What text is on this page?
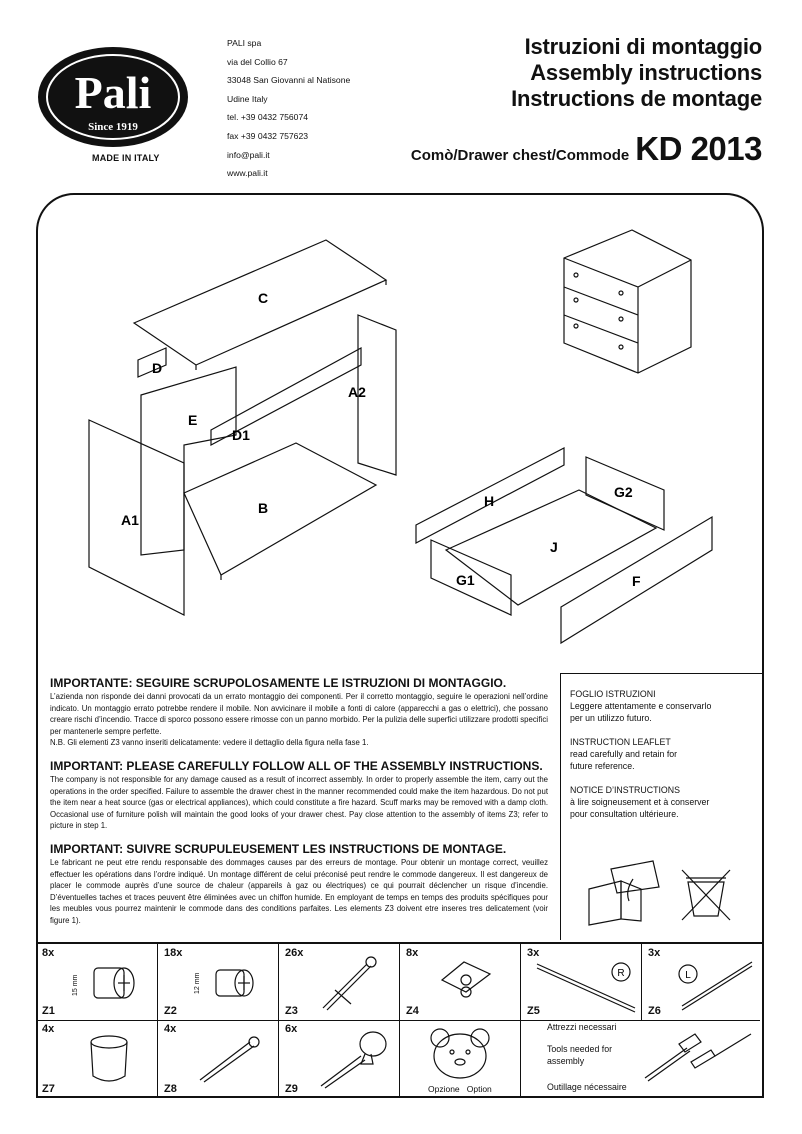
Pali
Since 1919
MADE IN ITALY
PALI spa
via del Collio 67
33048 San Giovanni al Natisone
Udine Italy
tel. +39 0432 756074
fax +39 0432 757623
info@pali.it
www.pali.it
Istruzioni di montaggio
Assembly instructions
Instructions de montage
Comò/Drawer chest/Commode KD 2013
C
D
E
D1
A2
A1
B	H
G2
J
G1	F
IMPORTANTE: SEGUIRE SCRUPOLOSAMENTE LE ISTRUZIONI DI MONTAGGIO.

L’azienda non risponde dei danni provocati da un errato montaggio dei componenti. Per il corretto montaggio, seguire le operazioni nell’ordine indicato. Un montaggio errato potrebbe rendere il mobile. Non avvicinare il mobile a fonti di calore (apparecchi a gas o elettrici), che possano creare rischi d’incendio. Tracce di sporco possono essere rimosse con un panno morbido. Per la pulizia delle superfici utilizzare prodotti specifici per mantenerle sempre perfette.

N.B. Gli elementi Z3 vanno inseriti delicatamente: vedere il dettaglio della figura nella fase 1.

IMPORTANT: PLEASE CAREFULLY FOLLOW ALL OF THE ASSEMBLY INSTRUCTIONS.

The company is not responsible for any damage caused as a result of incorrect assembly. In order to properly assemble the item, carry out the operations in the order specified. Failure to assemble the drawer chest in the manner recommended could make the item hazardous. Do not put the item near a heat source (gas or electrical appliances), which could constitute a fire hazard. Scuff marks may be removed with a damp cloth. Occasional use of furniture polish will maintain the good looks of your drawer chest. Pay close attention to the assembly of items Z3; refer to picture in step 1.

IMPORTANT: SUIVRE SCRUPULEUSEMENT LES INSTRUCTIONS DE MONTAGE.

Le fabricant ne peut etre rendu responsable des dommages causes par des erreurs de montage. Pour obtenir un montage correct, veuillez effectuer les opérations dans l’ordre indiqué. Un montage différent de celui préconisé peut rendre le commode dangereux. Il est dangereux de placer le commode auprès d’une source de chaleur (appareils à gaz ou électriques) ce qui pourrait déclencher un risque d’incendie. D’éventuelles taches et traces peuvent être éliminées avec un chiffon humide. En employant de temps en temps des produits spécifiques pour les meubles vous pourrez maintenir le commode dans des conditions parfaites. Les elements Z3 doivent etre inseres tres delicatement (voir figure 1).

FOGLIO ISTRUZIONI
Leggere attentamente e conservarlo
per un utilizzo futuro.
INSTRUCTION LEAFLET
read carefully and retain for
future reference.
NOTICE D’INSTRUCTIONS
à lire soigneusement et à conserver
pour consultation ultérieure.
8x
Z1
15 mm
18x
Z2
12 mm
26x
Z3
8x
Z4
3x
Z5
R
3x
Z6
L
4x
Z7
4x
Z8
6x
Z9	Opzione   Option
Attrezzi necessari
Tools needed for
assembly
Outillage nécessaire
